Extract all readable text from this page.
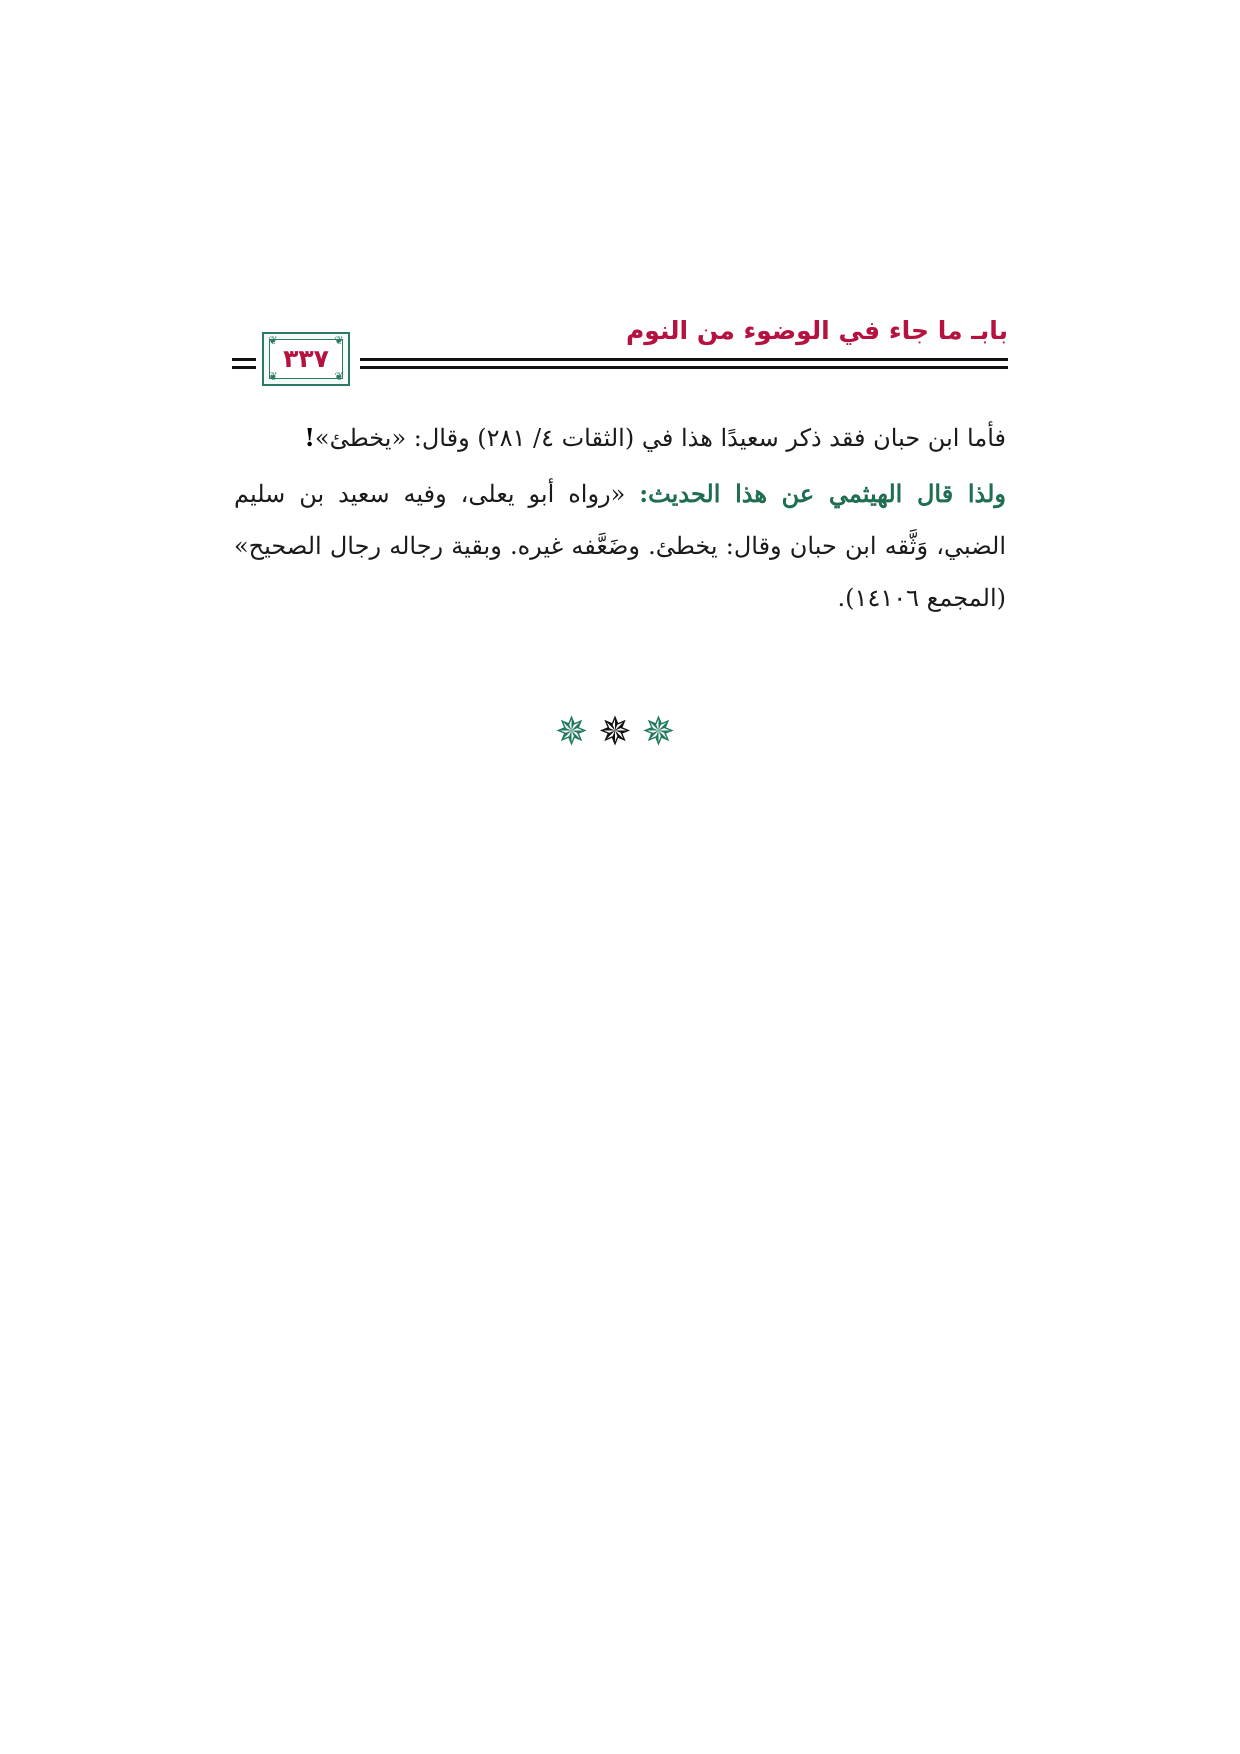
بابـ ما جاء في الوضوء من النوم
❦	❦
❦	❦
٣٣٧

فأما ابن حبان فقد ذكر سعيدًا هذا في (الثقات ٤/ ٢٨١) وقال: «يخطئ»!

ولذا قال الهيثمي عن هذا الحديث: «رواه أبو يعلى، وفيه سعيد بن سليم الضبي، وَثَّقه ابن حبان وقال: يخطئ. وضَعَّفه غيره. وبقية رجاله رجال الصحيح» (المجمع ١٤١٠٦).

✵✵✵
